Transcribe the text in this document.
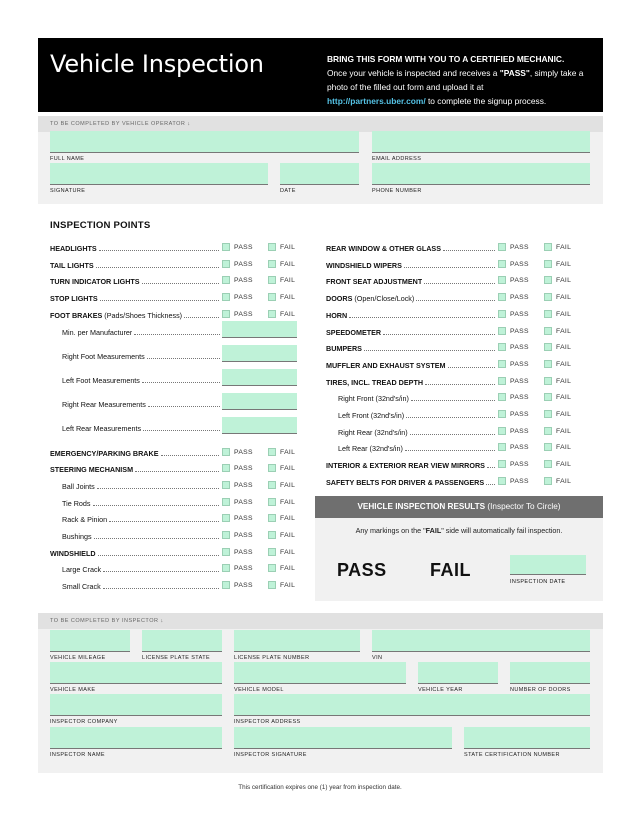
Vehicle Inspection	BRING THIS FORM WITH YOU TO A CERTIFIED MECHANIC.
Once your vehicle is inspected and receives a "PASS", simply take a photo of the filled out form and upload it at
http://partners.uber.com/ to complete the signup process.
TO BE COMPLETED BY VEHICLE OPERATOR ↓
FULL NAME	EMAIL ADDRESS
SIGNATURE	DATE	PHONE NUMBER
INSPECTION POINTS
HEADLIGHTS	PASS	FAIL
TAIL LIGHTS	PASS	FAIL
TURN INDICATOR LIGHTS	PASS	FAIL
STOP LIGHTS	PASS	FAIL
FOOT BRAKES (Pads/Shoes Thickness)	PASS	FAIL
Min. per Manufacturer
Right Foot Measurements
Left Foot Measurements
Right Rear Measurements
Left Rear Measurements
EMERGENCY/PARKING BRAKE	PASS	FAIL
STEERING MECHANISM	PASS	FAIL
Ball Joints	PASS	FAIL
Tie Rods	PASS	FAIL
Rack & Pinion	PASS	FAIL
Bushings	PASS	FAIL
WINDSHIELD	PASS	FAIL
Large Crack	PASS	FAIL
Small Crack	PASS	FAIL
REAR WINDOW & OTHER GLASS	PASS	FAIL
WINDSHIELD WIPERS	PASS	FAIL
FRONT SEAT ADJUSTMENT	PASS	FAIL
DOORS (Open/Close/Lock)	PASS	FAIL
HORN	PASS	FAIL
SPEEDOMETER	PASS	FAIL
BUMPERS	PASS	FAIL
MUFFLER AND EXHAUST SYSTEM	PASS	FAIL
TIRES, INCL. TREAD DEPTH	PASS	FAIL
Right Front (32nd's/in)	PASS	FAIL
Left Front (32nd's/in)	PASS	FAIL
Right Rear (32nd's/in)	PASS	FAIL
Left Rear (32nd's/in)	PASS	FAIL
INTERIOR & EXTERIOR REAR VIEW MIRRORS	PASS	FAIL
SAFETY BELTS FOR DRIVER & PASSENGERS	PASS	FAIL
VEHICLE INSPECTION RESULTS (Inspector To Circle)
Any markings on the "FAIL" side will automatically fail inspection.
PASS FAIL
INSPECTION DATE
TO BE COMPLETED BY INSPECTOR ↓
VEHICLE MILEAGE	LICENSE PLATE STATE	LICENSE PLATE NUMBER	VIN
VEHICLE MAKE	VEHICLE MODEL	VEHICLE YEAR	NUMBER OF DOORS
INSPECTOR COMPANY	INSPECTOR ADDRESS
INSPECTOR NAME	INSPECTOR SIGNATURE	STATE CERTIFICATION NUMBER
This certification expires one (1) year from inspection date.
